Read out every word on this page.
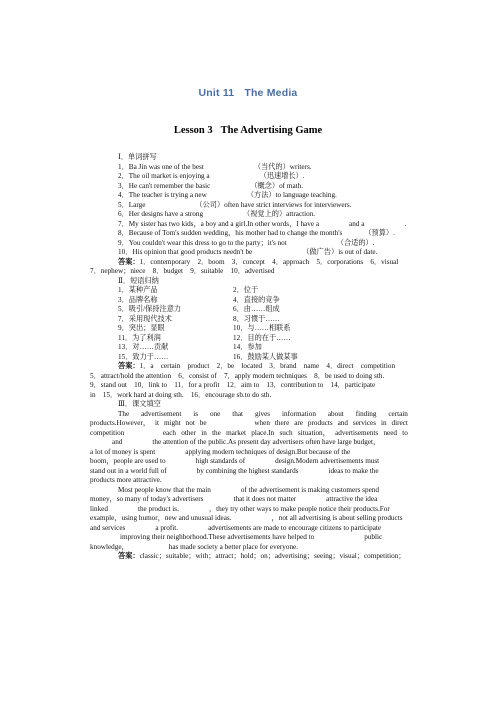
Unit 11 The Media
Lesson 3 The Advertising Game
Ⅰ．单词拼写
1．Ba Jin was one of the best	（当代的）writers.
2．The oil market is enjoying a	（迅速增长）.
3．He can't remember the basic	（概念）of math.
4．The teacher is trying a new	（方法）to language teaching.
5．Large	（公司）often have strict interviews for interviewers.
6．Her designs have a strong	（视觉上的）attraction.
7．My sister has two kids，a boy and a girl.In other words，I have a	and a	.
8．Because of Tom's sudden wedding，his mother had to change the month's	（预算）.
9．You couldn't wear this dress to go to the party；it's not	（合适的）.
10．His opinion that good products needn't be	（做广告）is out of date.
答案：1．contemporary　2．boom　3．concept　4．approach　5．corporations　6．visual
7．nephew；niece　8．budget　9．suitable　10．advertised
Ⅱ．短语归纳
1．某种产品	2．位于
3．品牌名称	4．直接的竞争
5．吸引/保持注意力	6．由……组成
7．采用现代技术	8．习惯于……
9．突出；显眼	10．与……相联系
11．为了利润	12．目的在于……
13．对……贡献	14．参加
15．致力于……	16．鼓励某人做某事
答案：1．a　certain　product　2．be　located　3．brand　name　4．direct　competition
5．attract/hold the attention　6．consist of　7．apply modern techniques　8．be used to doing sth.
9．stand out　10．link to　11．for a profit　12．aim to　13．contribution to　14．participate
in　15．work hard at doing sth.　16．encourage sb.to do sth.
Ⅲ．课文填空
The advertisement is one that gives information about finding certain
products.However， it might not be	when there are products and services in direct
competition	each other in the market place.In such situation， advertisements need to
and	the attention of the public.As present day advertisers often have large budget，
a lot of money is spent	applying modern techniques of design.But because of the
boom，people are used to	high standards of	design.Modern advertisements must
stand out in a world full of	by combining the highest standards	ideas to make the
products more attractive.
Most people know that the main	of the advertisement is making customers spend
money，so many of today's advertisers	that it does not matter	attractive the idea
linked	the product is.	，they try other ways to make people notice their products.For
example，using humor，new and unusual ideas.	，not all advertising is about selling products
and services	a profit.	advertisements are made to encourage citizens to participate
improving their neighborhood.These advertisements have helped to	public
knowledge，	has made society a better place for everyone.
答案：classic；suitable；with；attract；hold；on；advertising；seeing；visual；competition；
